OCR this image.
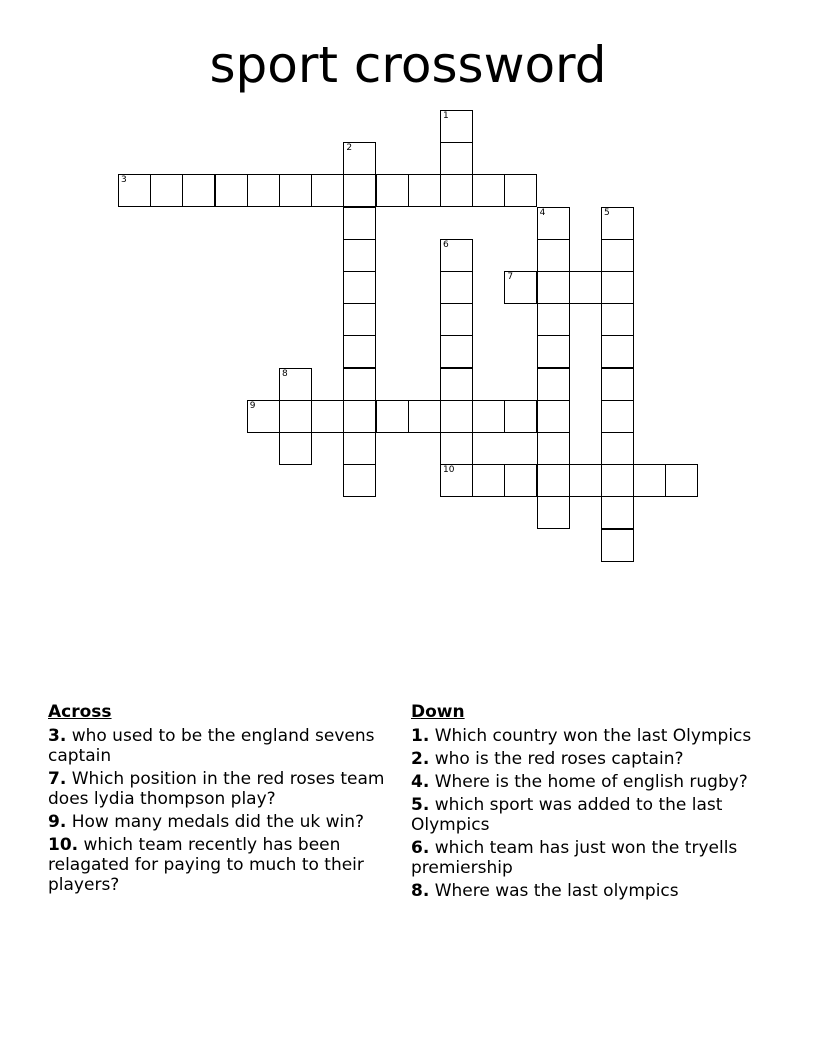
sport crossword
1
2
3
4	5
6
10
7
8
9
Across
3. who used to be the england sevens captain
7. Which position in the red roses team does lydia thompson play?
9. How many medals did the uk win?
10. which team recently has been relagated for paying to much to their players?
Down
1. Which country won the last Olympics
2. who is the red roses captain?
4. Where is the home of english rugby?
5. which sport was added to the last Olympics
6. which team has just won the tryells premiership
8. Where was the last olympics
